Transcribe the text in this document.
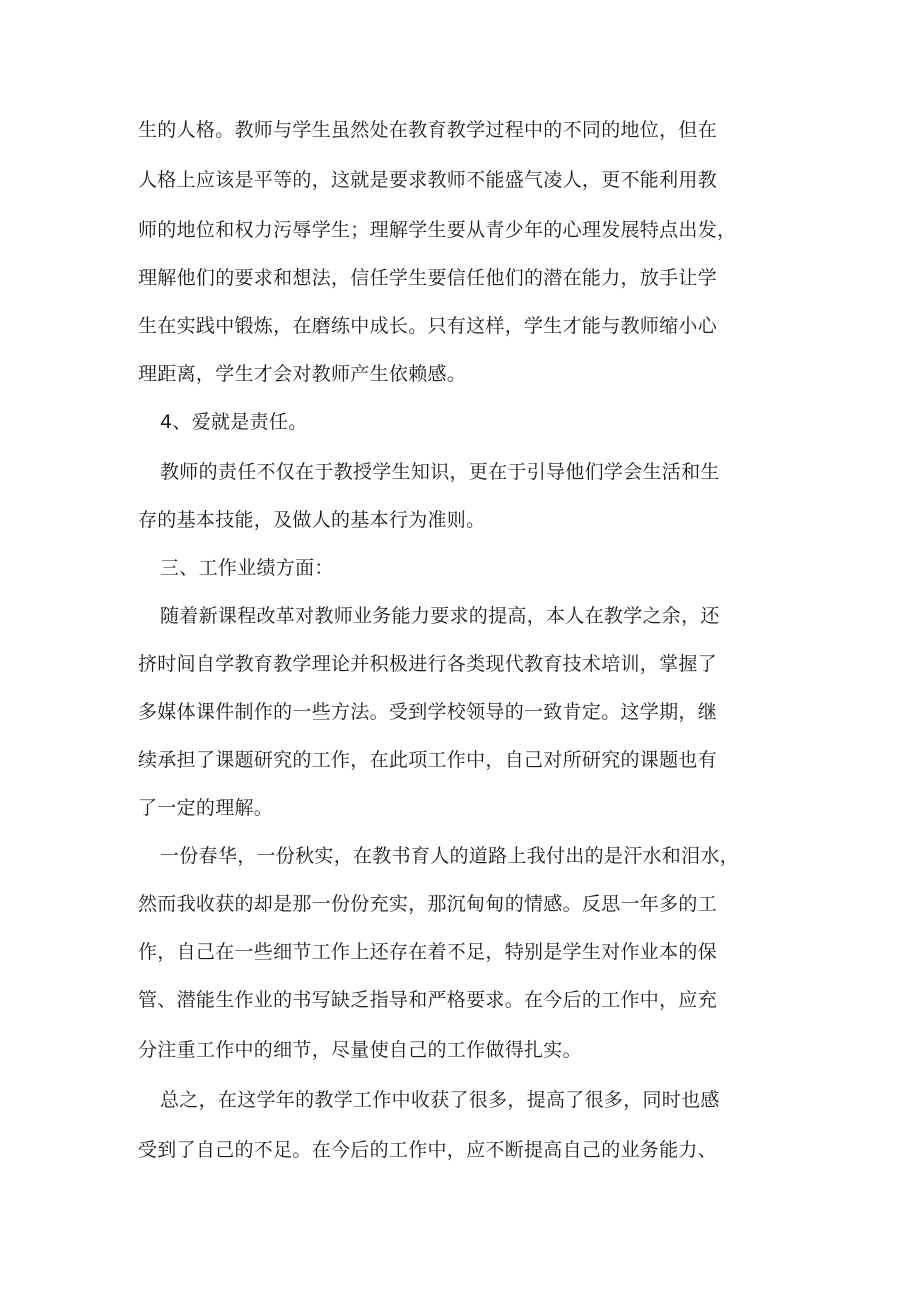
生的人格。教师与学生虽然处在教育教学过程中的不同的地位，但在
人格上应该是平等的，这就是要求教师不能盛气凌人，更不能利用教
师的地位和权力污辱学生；理解学生要从青少年的心理发展特点出发，
理解他们的要求和想法，信任学生要信任他们的潜在能力，放手让学
生在实践中锻炼，在磨练中成长。只有这样，学生才能与教师缩小心
理距离，学生才会对教师产生依赖感。
4、爱就是责任。
教师的责任不仅在于教授学生知识，更在于引导他们学会生活和生
存的基本技能，及做人的基本行为准则。
三、工作业绩方面：
随着新课程改革对教师业务能力要求的提高，本人在教学之余，还
挤时间自学教育教学理论并积极进行各类现代教育技术培训，掌握了
多媒体课件制作的一些方法。受到学校领导的一致肯定。这学期，继
续承担了课题研究的工作，在此项工作中，自己对所研究的课题也有
了一定的理解。
一份春华，一份秋实，在教书育人的道路上我付出的是汗水和泪水，
然而我收获的却是那一份份充实，那沉甸甸的情感。反思一年多的工
作，自己在一些细节工作上还存在着不足，特别是学生对作业本的保
管、潜能生作业的书写缺乏指导和严格要求。在今后的工作中，应充
分注重工作中的细节，尽量使自己的工作做得扎实。
总之，在这学年的教学工作中收获了很多，提高了很多，同时也感
受到了自己的不足。在今后的工作中，应不断提高自己的业务能力、
